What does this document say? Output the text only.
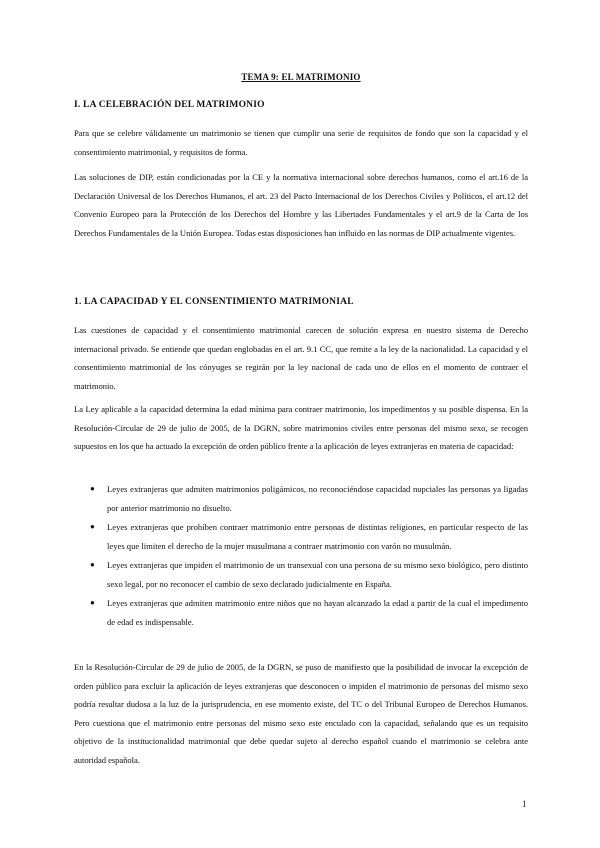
TEMA 9: EL MATRIMONIO
I. LA CELEBRACIÓN DEL MATRIMONIO

Para que se celebre válidamente un matrimonio se tienen que cumplir una serie de requisitos de fondo que son la capacidad y el consentimiento matrimonial, y requisitos de forma.

Las soluciones de DIP, están condicionadas por la CE y la normativa internacional sobre derechos humanos, como el art.16 de la Declaración Universal de los Derechos Humanos, el art. 23 del Pacto Internacional de los Derechos Civiles y Políticos, el art.12 del Convenio Europeo para la Protección de los Derechos del Hombre y las Libertades Fundamentales y el art.9 de la Carta de los Derechos Fundamentales de la Unión Europea. Todas estas disposiciones han influido en las normas de DIP actualmente vigentes.

1. LA CAPACIDAD Y EL CONSENTIMIENTO MATRIMONIAL

Las cuestiones de capacidad y el consentimiento matrimonial carecen de solución expresa en nuestro sistema de Derecho internacional privado. Se entiende que quedan englobadas en el art. 9.1 CC, que remite a la ley de la nacionalidad. La capacidad y el consentimiento matrimonial de los cónyuges se regirán por la ley nacional de cada uno de ellos en el momento de contraer el matrimonio.

La Ley aplicable a la capacidad determina la edad mínima para contraer matrimonio, los impedimentos y su posible dispensa. En la Resolución-Circular de 29 de julio de 2005, de la DGRN, sobre matrimonios civiles entre personas del mismo sexo, se recogen supuestos en los que ha actuado la excepción de orden público frente a la aplicación de leyes extranjeras en materia de capacidad:

● Leyes extranjeras que admiten matrimonios poligámicos, no reconociéndose capacidad nupciales las personas ya ligadas por anterior matrimonio no disuelto.
● Leyes extranjeras que prohíben contraer matrimonio entre personas de distintas religiones, en particular respecto de las leyes que limiten el derecho de la mujer musulmana a contraer matrimonio con varón no musulmán.
● Leyes extranjeras que impiden el matrimonio de un transexual con una persona de su mismo sexo biológico, pero distinto sexo legal, por no reconocer el cambio de sexo declarado judicialmente en España.
● Leyes extranjeras que admiten matrimonio entre niños que no hayan alcanzado la edad a partir de la cual el impedimento de edad es indispensable.

En la Resolución-Circular de 29 de julio de 2005, de la DGRN, se puso de manifiesto que la posibilidad de invocar la excepción de orden público para excluir la aplicación de leyes extranjeras que desconocen o impiden el matrimonio de personas del mismo sexo podría resultar dudosa a la luz de la jurisprudencia, en ese momento existe, del TC o del Tribunal Europeo de Derechos Humanos. Pero cuestiona que el matrimonio entre personas del mismo sexo este enculado con la capacidad, señalando que es un requisito objetivo de la institucionalidad matrimonial que debe quedar sujeto al derecho español cuando el matrimonio se celebra ante autoridad española.

1
